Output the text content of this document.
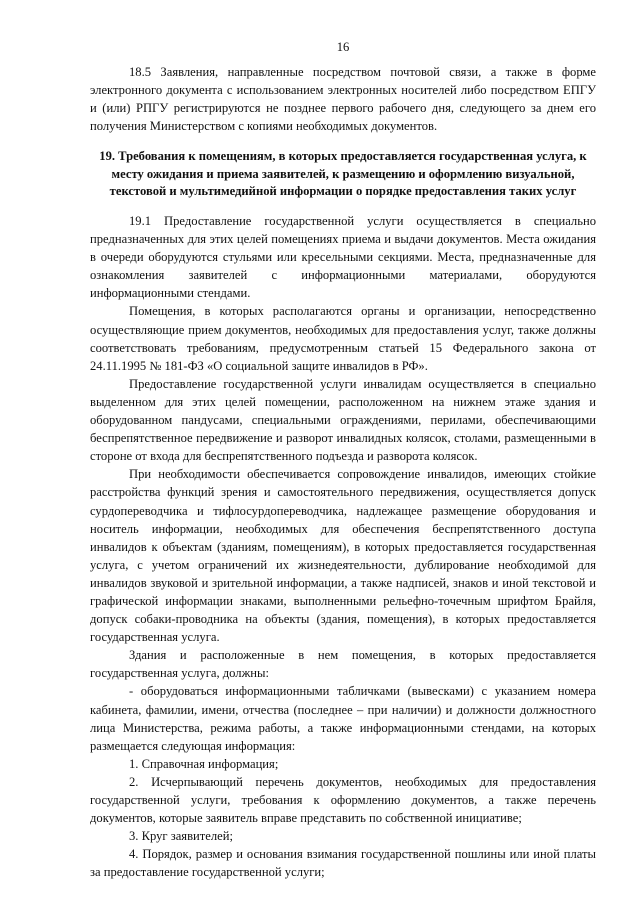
16

18.5 Заявления, направленные посредством почтовой связи, а также в форме электронного документа с использованием электронных носителей либо посредством ЕПГУ и (или) РПГУ регистрируются не позднее первого рабочего дня, следующего за днем его получения Министерством с копиями необходимых документов.

19. Требования к помещениям, в которых предоставляется государственная услуга, к месту ожидания и приема заявителей, к размещению и оформлению визуальной, текстовой и мультимедийной информации о порядке предоставления таких услуг

19.1 Предоставление государственной услуги осуществляется в специально предназначенных для этих целей помещениях приема и выдачи документов. Места ожидания в очереди оборудуются стульями или кресельными секциями. Места, предназначенные для ознакомления заявителей с информационными материалами, оборудуются информационными стендами.

Помещения, в которых располагаются органы и организации, непосредственно осуществляющие прием документов, необходимых для предоставления услуг, также должны соответствовать требованиям, предусмотренным статьей 15 Федерального закона от 24.11.1995 № 181-ФЗ «О социальной защите инвалидов в РФ».

Предоставление государственной услуги инвалидам осуществляется в специально выделенном для этих целей помещении, расположенном на нижнем этаже здания и оборудованном пандусами, специальными ограждениями, перилами, обеспечивающими беспрепятственное передвижение и разворот инвалидных колясок, столами, размещенными в стороне от входа для беспрепятственного подъезда и разворота колясок.

При необходимости обеспечивается сопровождение инвалидов, имеющих стойкие расстройства функций зрения и самостоятельного передвижения, осуществляется допуск сурдопереводчика и тифлосурдопереводчика, надлежащее размещение оборудования и носитель информации, необходимых для обеспечения беспрепятственного доступа инвалидов к объектам (зданиям, помещениям), в которых предоставляется государственная услуга, с учетом ограничений их жизнедеятельности, дублирование необходимой для инвалидов звуковой и зрительной информации, а также надписей, знаков и иной текстовой и графической информации знаками, выполненными рельефно-точечным шрифтом Брайля, допуск собаки-проводника на объекты (здания, помещения), в которых предоставляется государственная услуга.

Здания и расположенные в нем помещения, в которых предоставляется государственная услуга, должны:

- оборудоваться информационными табличками (вывесками) с указанием номера кабинета, фамилии, имени, отчества (последнее – при наличии) и должности должностного лица Министерства, режима работы, а также информационными стендами, на которых размещается следующая информация:

1. Справочная информация;

2. Исчерпывающий перечень документов, необходимых для предоставления государственной услуги, требования к оформлению документов, а также перечень документов, которые заявитель вправе представить по собственной инициативе;

3. Круг заявителей;

4. Порядок, размер и основания взимания государственной пошлины или иной платы за предоставление государственной услуги;
